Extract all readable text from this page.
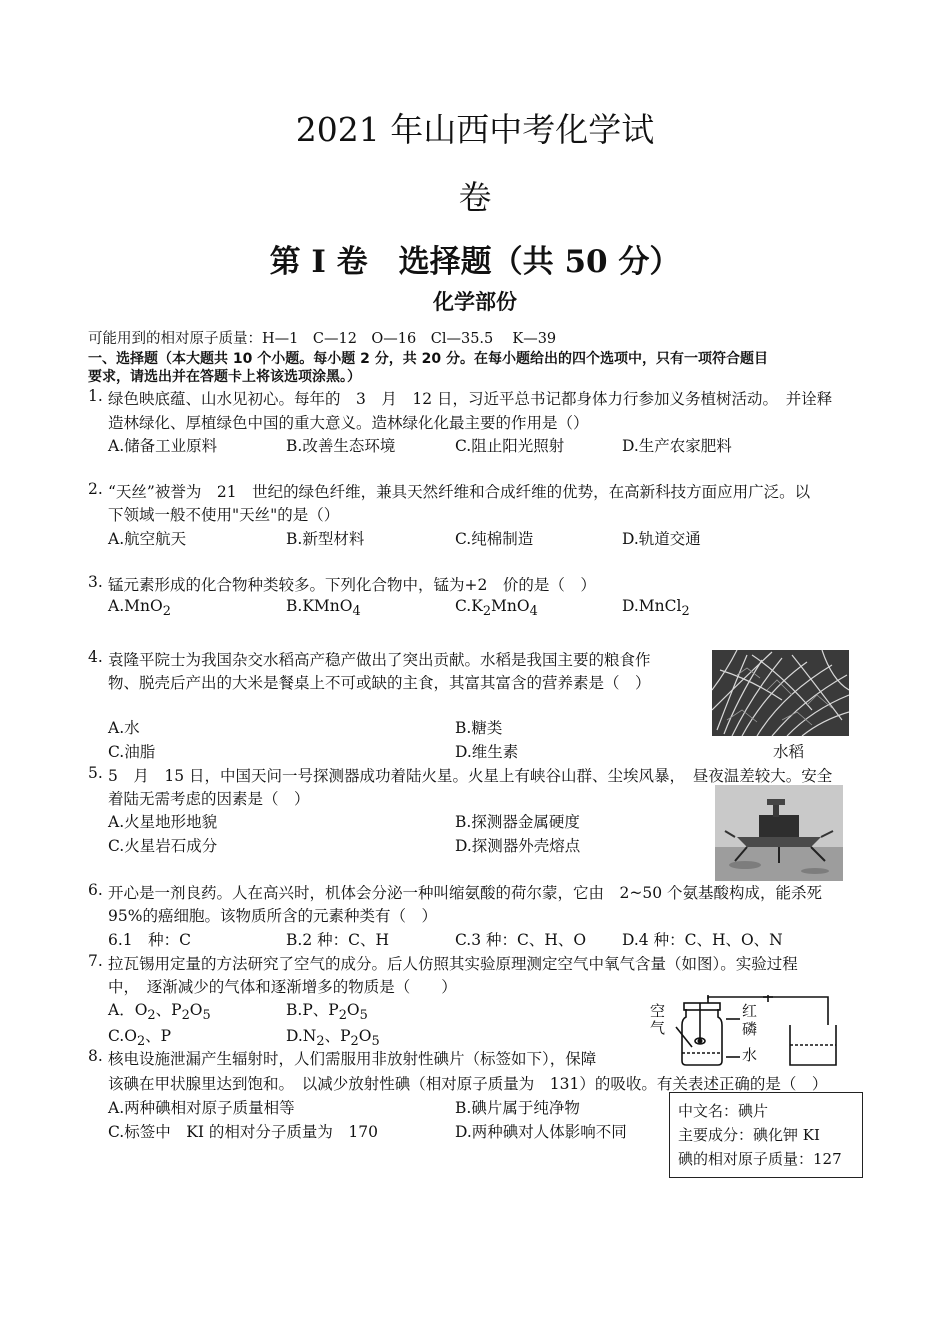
2021 年山西中考化学试
卷
第 I 卷　选择题（共 50 分）
化学部份
可能用到的相对原子质量：H—1　C—12　O—16　Cl—35.5　 K—39
一、选择题（本大题共 10 个小题。每小题 2 分，共 20 分。在每小题给出的四个选项中，只有一项符合题目
要求，请选出并在答题卡上将该选项涂黑。）
1. 绿色映底蕴、山水见初心。每年的　3　月　12 日，习近平总书记都身体力行参加义务植树活动。　并诠释
造林绿化、厚植绿色中国的重大意义。造林绿化化最主要的作用是（）
A.储备工业原料	B.改善生态环境	C.阻止阳光照射	D.生产农家肥料
2. “天丝”被誉为　21　世纪的绿色纤维，兼具天然纤维和合成纤维的优势，在高新科技方面应用广泛。以
下领域一般不使用"天丝"的是（）
A.航空航天	B.新型材料	C.纯棉制造	D.轨道交通
3. 锰元素形成的化合物种类较多。下列化合物中，锰为+2　价的是（　）
A.MnO$_2$	B.KMnO$_4$	$C.K_2MnO_4$	D.MnCl$_2$
4. 袁隆平院士为我国杂交水稻高产稳产做出了突出贡献。水稻是我国主要的粮食作
物、脱壳后产出的大米是餐桌上不可或缺的主食，其富其富含的营养素是（　）
A.水	B.糖类
C.油脂	D.维生素	水稻
5. 5　月　15 日，中国天问一号探测器成功着陆火星。火星上有峡谷山群、尘埃风暴，　昼夜温差较大。安全
着陆无需考虑的因素是（　）
A.火星地形地貌	B.探测器金属硬度
C.火星岩石成分	D.探测器外壳熔点
6. 开心是一剂良药。人在高兴时，机体会分泌一种叫缩氨酸的荷尔蒙，它由　2~50 个氨基酸构成，能杀死
95%的癌细胞。该物质所含的元素种类有（　）
6.1　种：C	B.2 种：C、H	C.3 种：C、H、O D.4 种：C、H、O、N
7. 拉瓦锡用定量的方法研究了空气的成分。后人仿照其实验原理测定空气中氧气含量（如图）。实验过程
中，　逐渐减少的气体和逐渐增多的物质是（　　）
A．$O_2$、$P_2O_5$	B.P、$P_2O_5$
$C.O_2$、P	$D.N_2$、$P_2O_5$
空气
红
磷
水
8. 核电设施泄漏产生辐射时，人们需服用非放射性碘片（标签如下），保障
该碘在甲状腺里达到饱和。　以减少放射性碘（相对原子质量为　131）的吸收。有关表述正确的是（　）
A.两种碘相对原子质量相等	B.碘片属于纯净物
C.标签中　KI 的相对分子质量为　170	D.两种碘对人体影响不同
中文名：碘片
主要成分：碘化钾 KI
碘的相对原子质量：127
